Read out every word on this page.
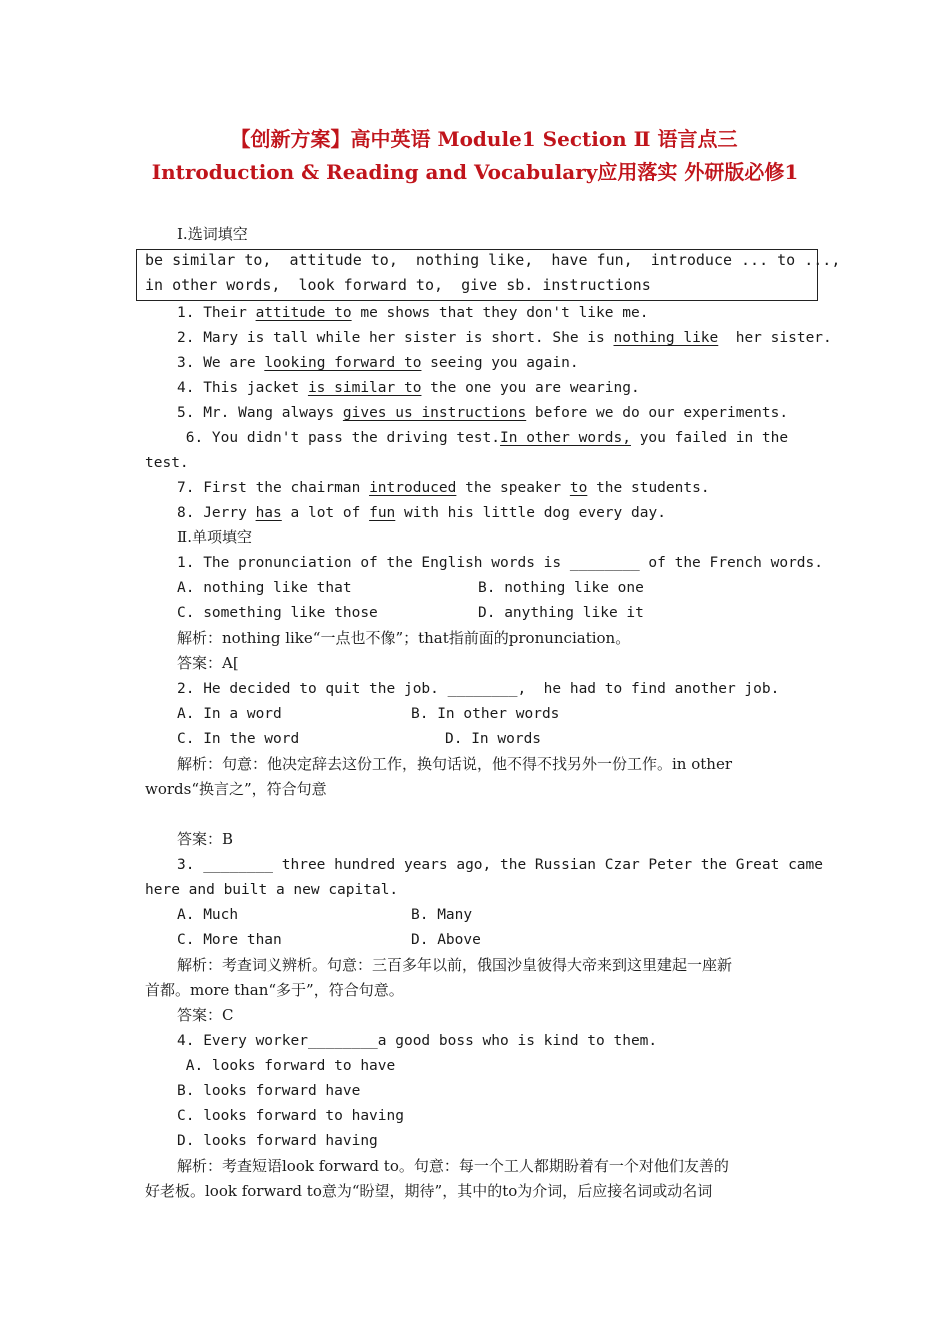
【创新方案】高中英语 Module1 Section Ⅱ 语言点三
Introduction & Reading and Vocabulary应用落实 外研版必修1
Ⅰ.选词填空
be similar to,  attitude to,  nothing like,  have fun,  introduce ... to ...,
in other words,  look forward to,  give sb. instructions
1. Their attitude to me shows that they don't like me.
2. Mary is tall while her sister is short. She is nothing like  her sister.
3. We are looking forward to seeing you again.
4. This jacket is similar to the one you are wearing.
5. Mr. Wang always gives us instructions before we do our experiments.
6. You didn't pass the driving test.In other words, you failed in the
test.
7. First the chairman introduced the speaker to the students.
8. Jerry has a lot of fun with his little dog every day.
Ⅱ.单项填空
1. The pronunciation of the English words is ________ of the French words.
A. nothing like that	B. nothing like one
C. something like those	D. anything like it
解析：nothing like“一点也不像”；that指前面的pronunciation。
答案：A[
2. He decided to quit the job. ________,  he had to find another job.
A. In a word	B. In other words
C. In the word	D. In words
解析：句意：他决定辞去这份工作，换句话说，他不得不找另外一份工作。in other
words“换言之”，符合句意
答案：B
3. ________ three hundred years ago, the Russian Czar Peter the Great came
here and built a new capital.
A. Much	B. Many
C. More than	D. Above
解析：考查词义辨析。句意：三百多年以前，俄国沙皇彼得大帝来到这里建起一座新
首都。more than“多于”，符合句意。
答案：C
4. Every worker________a good boss who is kind to them.
A. looks forward to have
B. looks forward have
C. looks forward to having
D. looks forward having
解析：考查短语look forward to。句意：每一个工人都期盼着有一个对他们友善的
好老板。look forward to意为“盼望，期待”，其中的to为介词，后应接名词或动名词
